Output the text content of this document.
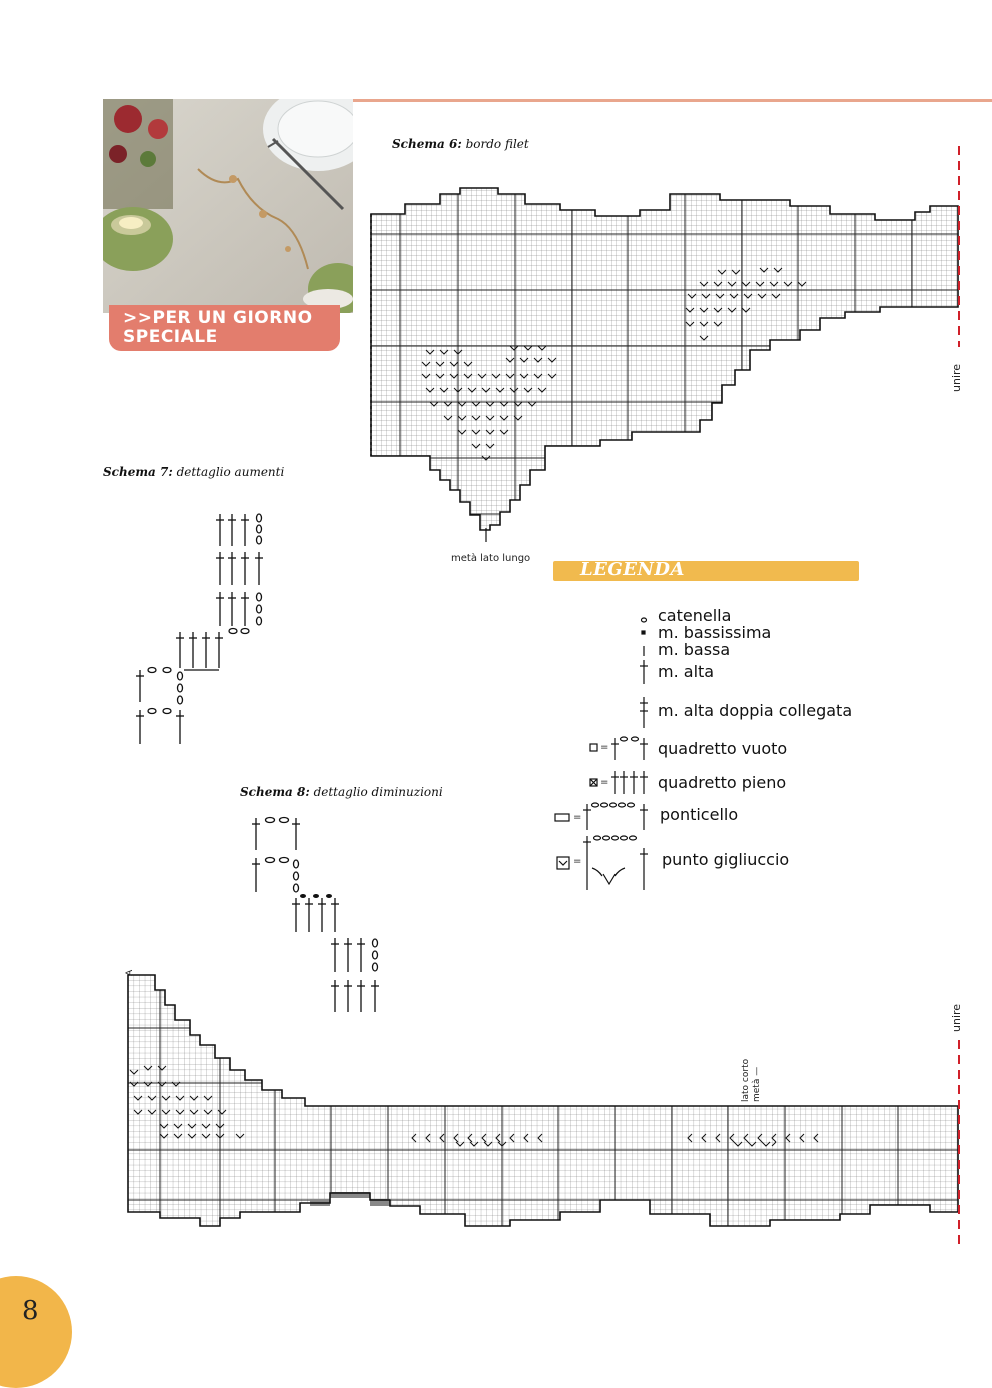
>>PER UN GIORNO
SPECIALE
Schema 6: bordo filet
metà lato lungo
unire
Schema 7: dettaglio aumenti
Schema 8: dettaglio diminuzioni
A
metà —
lato corto
unire
LEGENDA
catenella
m. bassissima
m. bassa
m. alta
m. alta doppia collegata
quadretto vuoto
quadretto pieno
ponticello
punto gigliuccio
=
=
=
=
8
